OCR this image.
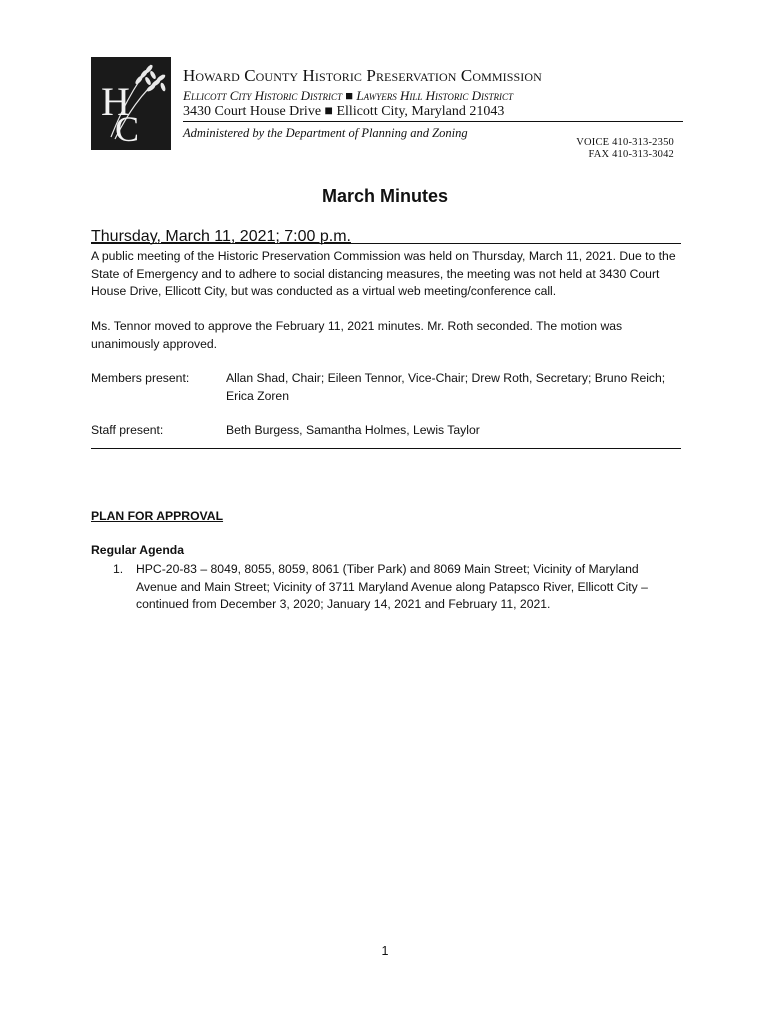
H
C
Howard County Historic Preservation Commission
Ellicott City Historic District ■ Lawyers Hill Historic District
3430 Court House Drive ■ Ellicott City, Maryland 21043
Administered by the Department of Planning and Zoning
VOICE 410-313-2350
FAX 410-313-3042
March Minutes
Thursday, March 11, 2021; 7:00 p.m.
A public meeting of the Historic Preservation Commission was held on Thursday, March 11, 2021. Due to the State of Emergency and to adhere to social distancing measures, the meeting was not held at 3430 Court House Drive, Ellicott City, but was conducted as a virtual web meeting/conference call.
Ms. Tennor moved to approve the February 11, 2021 minutes. Mr. Roth seconded. The motion was unanimously approved.
Members present:	Allan Shad, Chair; Eileen Tennor, Vice-Chair; Drew Roth, Secretary; Bruno Reich; Erica Zoren
Staff present:	Beth Burgess, Samantha Holmes, Lewis Taylor
PLAN FOR APPROVAL
Regular Agenda
1. HPC-20-83 – 8049, 8055, 8059, 8061 (Tiber Park) and 8069 Main Street; Vicinity of Maryland Avenue and Main Street; Vicinity of 3711 Maryland Avenue along Patapsco River, Ellicott City – continued from December 3, 2020; January 14, 2021 and February 11, 2021.
1
